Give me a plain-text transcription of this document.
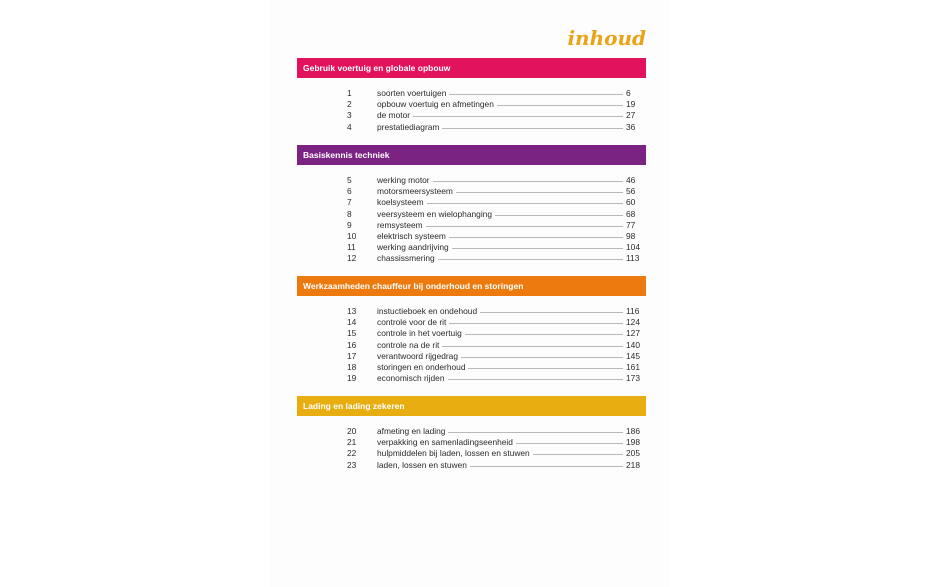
inhoud
Gebruik voertuig en globale opbouw
1	soorten voertuigen	6
2	opbouw voertuig en afmetingen	19
3	de motor	27
4	prestatiediagram	36
Basiskennis techniek
5	werking motor	46
6	motorsmeersysteem	56
7	koelsysteem	60
8	veersysteem en wielophanging	68
9	remsysteem	77
10	elektrisch systeem	98
11	werking aandrijving	104
12	chassissmering	113
Werkzaamheden chauffeur bij onderhoud en storingen
13	instuctieboek en ondehoud	116
14	controle voor de rit	124
15	controle in het voertuig	127
16	controle na de rit	140
17	verantwoord rijgedrag	145
18	storingen en onderhoud	161
19	economisch rijden	173
Lading en lading zekeren
20	afmeting en lading	186
21	verpakking en samenladingseenheid	198
22	hulpmiddelen bij laden, lossen en stuwen	205
23	laden, lossen en stuwen	218
